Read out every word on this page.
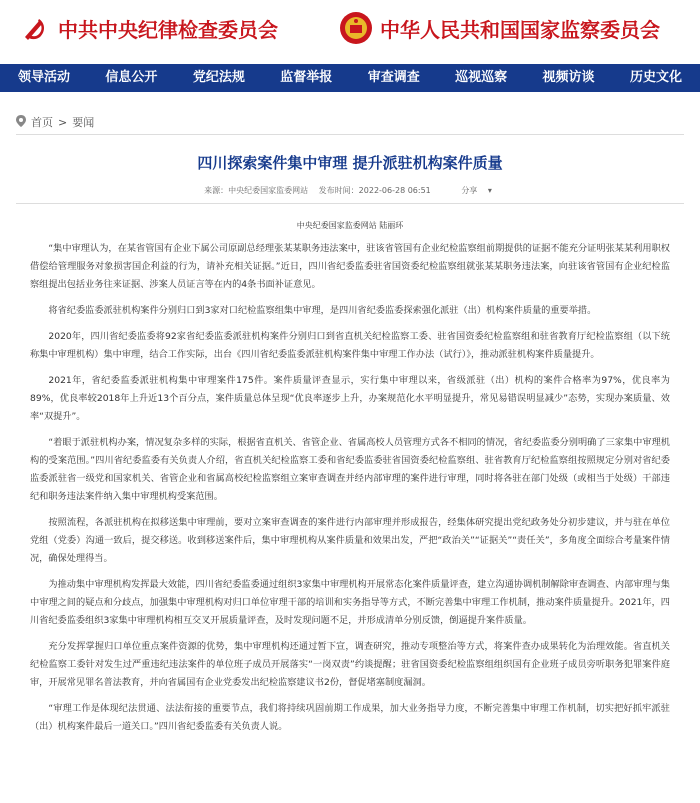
中共中央纪律检查委员会	中华人民共和国国家监察委员会
领导活动	信息公开	党纪法规	监督举报	审查调查	巡视巡察	视频访谈	历史文化
首页 > 要闻
四川探索案件集中审理 提升派驻机构案件质量
来源：中央纪委国家监委网站 发布时间：2022-06-28 06:51	分享 ▾
中央纪委国家监委网站 陆丽环

“集中审理认为，在某省管国有企业下属公司原副总经理张某某职务违法案中，驻该省管国有企业纪检监察组前期提供的证据不能充分证明张某某利用职权借偿给管理服务对象损害国企利益的行为，请补充相关证据。”近日，四川省纪委监委驻省国资委纪检监察组就张某某职务违法案，向驻该省管国有企业纪检监察组提出包括业务往来证据、涉案人员证言等在内的4条书面补证意见。

将省纪委监委派驻机构案件分别归口到3家对口纪检监察组集中审理，是四川省纪委监委探索强化派驻（出）机构案件质量的重要举措。

2020年，四川省纪委监委将92家省纪委监委派驻机构案件分别归口到省直机关纪检监察工委、驻省国资委纪检监察组和驻省教育厅纪检监察组（以下统称集中审理机构）集中审理，结合工作实际，出台《四川省纪委监委派驻机构案件集中审理工作办法（试行）》，推动派驻机构案件质量提升。

2021年，省纪委监委派驻机构集中审理案件175件。案件质量评查显示，实行集中审理以来，省级派驻（出）机构的案件合格率为97%，优良率为89%，优良率较2018年上升近13个百分点，案件质量总体呈现“优良率逐步上升，办案规范化水平明显提升，常见易错误明显减少”态势，实现办案质量、效率“双提升”。

“着眼于派驻机构办案，情况复杂多样的实际，根据省直机关、省管企业、省属高校人员管理方式各不相同的情况，省纪委监委分别明确了三家集中审理机构的受案范围。”四川省纪委监委有关负责人介绍，省直机关纪检监察工委和省纪委监委驻省国资委纪检监察组、驻省教育厅纪检监察组按照规定分别对省纪委监委派驻省一级党和国家机关、省管企业和省属高校纪检监察组立案审查调查并经内部审理的案件进行审理，同时将各驻在部门处级（或相当于处级）干部违纪和职务违法案件纳入集中审理机构受案范围。

按照流程，各派驻机构在拟移送集中审理前，要对立案审查调查的案件进行内部审理并形成报告，经集体研究提出党纪政务处分初步建议，并与驻在单位党组（党委）沟通一致后，提交移送。收到移送案件后，集中审理机构从案件质量和效果出发，严把“政治关”“证据关”“责任关”，多角度全面综合考量案件情况，确保处理得当。

为推动集中审理机构发挥最大效能，四川省纪委监委通过组织3家集中审理机构开展常态化案件质量评查，建立沟通协调机制解除审查调查、内部审理与集中审理之间的疑点和分歧点，加强集中审理机构对归口单位审理干部的培训和实务指导等方式，不断完善集中审理工作机制，推动案件质量提升。2021年，四川省纪委监委组织3家集中审理机构相互交叉开展质量评查，及时发现问题不足，并形成清单分别反馈，倒逼提升案件质量。

充分发挥掌握归口单位重点案件资源的优势，集中审理机构还通过暂下宣，调查研究，推动专项整治等方式，将案件查办成果转化为治理效能。省直机关纪检监察工委针对发生过严重违纪违法案件的单位班子成员开展落实“一岗双责”约谈提醒；驻省国资委纪检监察组组织国有企业班子成员旁听职务犯罪案件庭审，开展常见罪名普法教育，并向省属国有企业党委发出纪检监察建议书2份，督促堵塞制度漏洞。

“审理工作是体现纪法贯通、法法衔接的重要节点，我们将持续巩固前期工作成果，加大业务指导力度，不断完善集中审理工作机制，切实把好抓牢派驻（出）机构案件最后一道关口。”四川省纪委监委有关负责人说。
